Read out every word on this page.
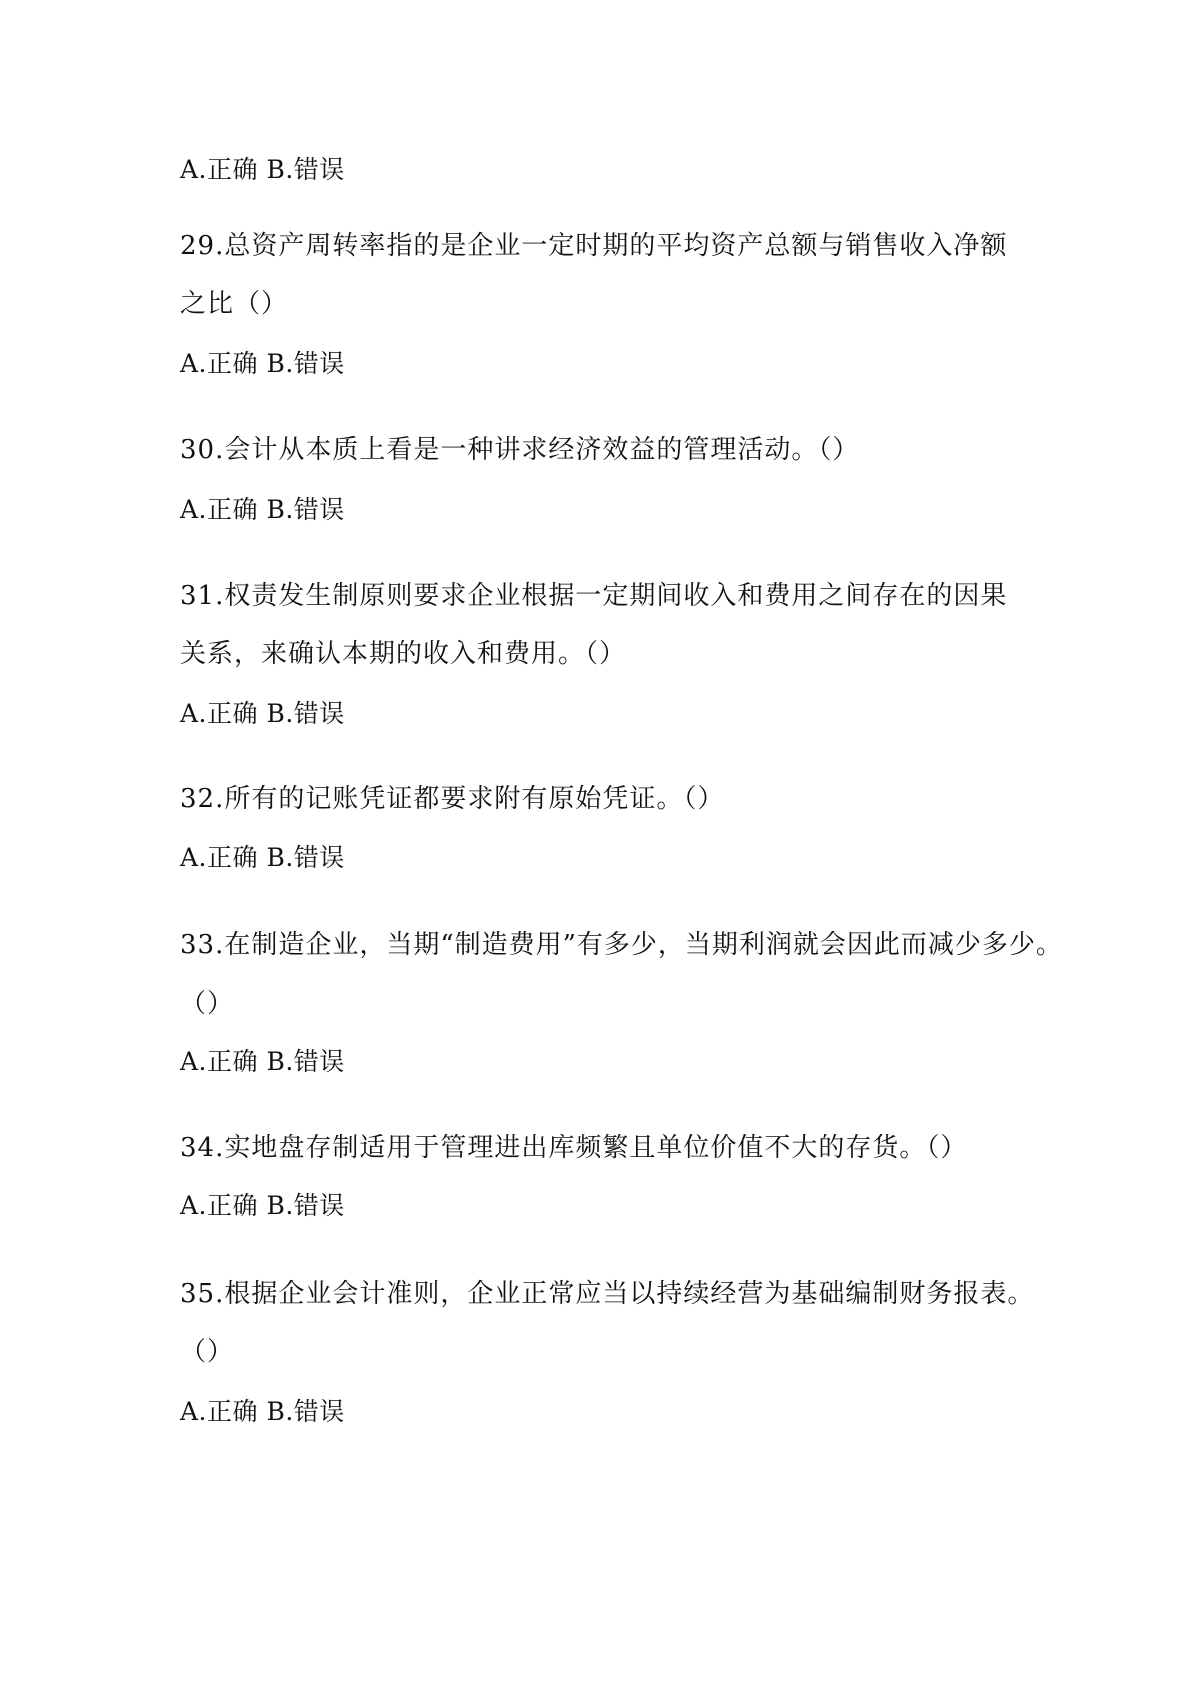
A.正确 B.错误
29.总资产周转率指的是企业一定时期的平均资产总额与销售收入净额
之比（）
A.正确 B.错误
30.会计从本质上看是一种讲求经济效益的管理活动。（）
A.正确 B.错误
31.权责发生制原则要求企业根据一定期间收入和费用之间存在的因果
关系，来确认本期的收入和费用。（）
A.正确 B.错误
32.所有的记账凭证都要求附有原始凭证。（）
A.正确 B.错误
33.在制造企业，当期“制造费用”有多少，当期利润就会因此而减少多少。
（）
A.正确 B.错误
34.实地盘存制适用于管理进出库频繁且单位价值不大的存货。（）
A.正确 B.错误
35.根据企业会计准则，企业正常应当以持续经营为基础编制财务报表。
（）
A.正确 B.错误
